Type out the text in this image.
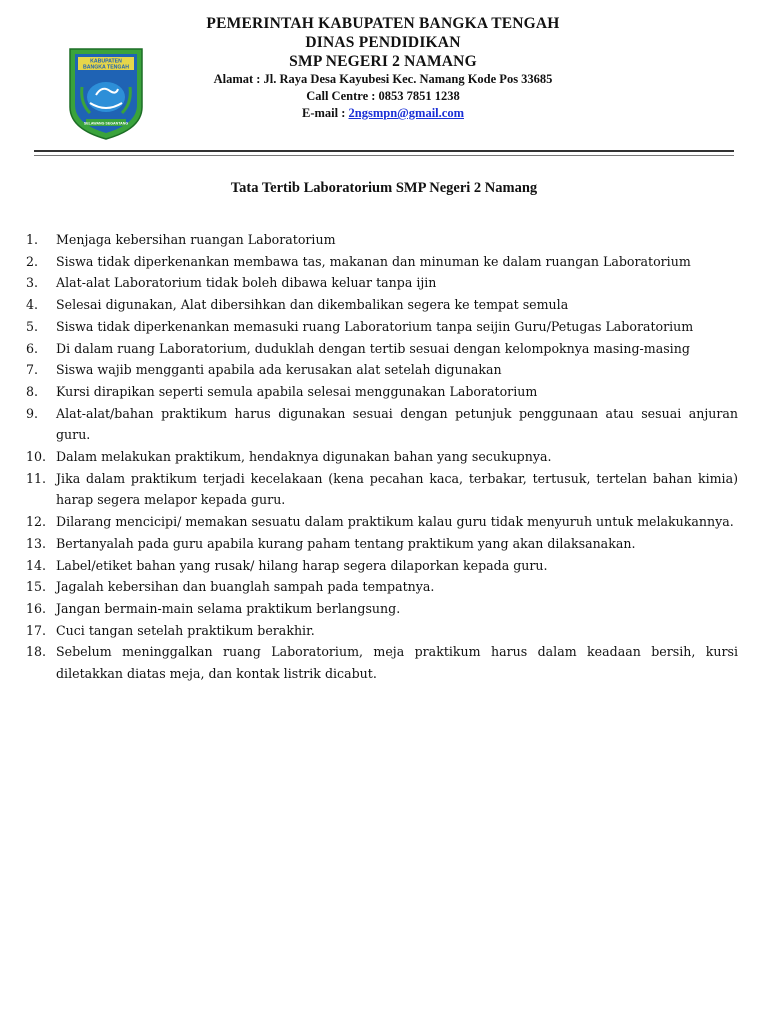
KABUPATEN
BANGKA TENGAH
SELAWANG SEGANTANG
PEMERINTAH KABUPATEN BANGKA TENGAH
DINAS PENDIDIKAN
SMP NEGERI 2 NAMANG
Alamat : Jl. Raya Desa Kayubesi Kec. Namang Kode Pos 33685
Call Centre : 0853 7851 1238
E-mail : 2ngsmpn@gmail.com
Tata Tertib Laboratorium SMP Negeri 2 Namang
1.	Menjaga kebersihan ruangan Laboratorium
2.	Siswa tidak diperkenankan membawa tas, makanan dan minuman ke dalam ruangan Laboratorium
3.	Alat-alat Laboratorium tidak boleh dibawa keluar tanpa ijin
4.	Selesai digunakan, Alat dibersihkan dan dikembalikan segera ke tempat semula
5.	Siswa tidak diperkenankan memasuki ruang Laboratorium tanpa seijin Guru/Petugas Laboratorium
6.	Di dalam ruang Laboratorium, duduklah dengan tertib sesuai dengan kelompoknya masing-masing
7.	Siswa wajib mengganti apabila ada kerusakan alat setelah digunakan
8.	Kursi dirapikan seperti semula apabila selesai menggunakan Laboratorium
9.	Alat-alat/bahan praktikum harus digunakan sesuai dengan petunjuk penggunaan atau sesuai anjuran guru.
10. Dalam melakukan praktikum, hendaknya digunakan bahan yang secukupnya.
11. Jika dalam praktikum terjadi kecelakaan (kena pecahan kaca, terbakar, tertusuk, tertelan bahan kimia) harap segera melapor kepada guru.
12. Dilarang mencicipi/ memakan sesuatu dalam praktikum kalau guru tidak menyuruh untuk melakukannya.
13. Bertanyalah pada guru apabila kurang paham tentang praktikum yang akan dilaksanakan.
14. Label/etiket bahan yang rusak/ hilang harap segera dilaporkan kepada guru.
15. Jagalah kebersihan dan buanglah sampah pada tempatnya.
16. Jangan bermain-main selama praktikum berlangsung.
17. Cuci tangan setelah praktikum berakhir.
18. Sebelum meninggalkan ruang Laboratorium, meja praktikum harus dalam keadaan bersih, kursi diletakkan diatas meja, dan kontak listrik dicabut.
